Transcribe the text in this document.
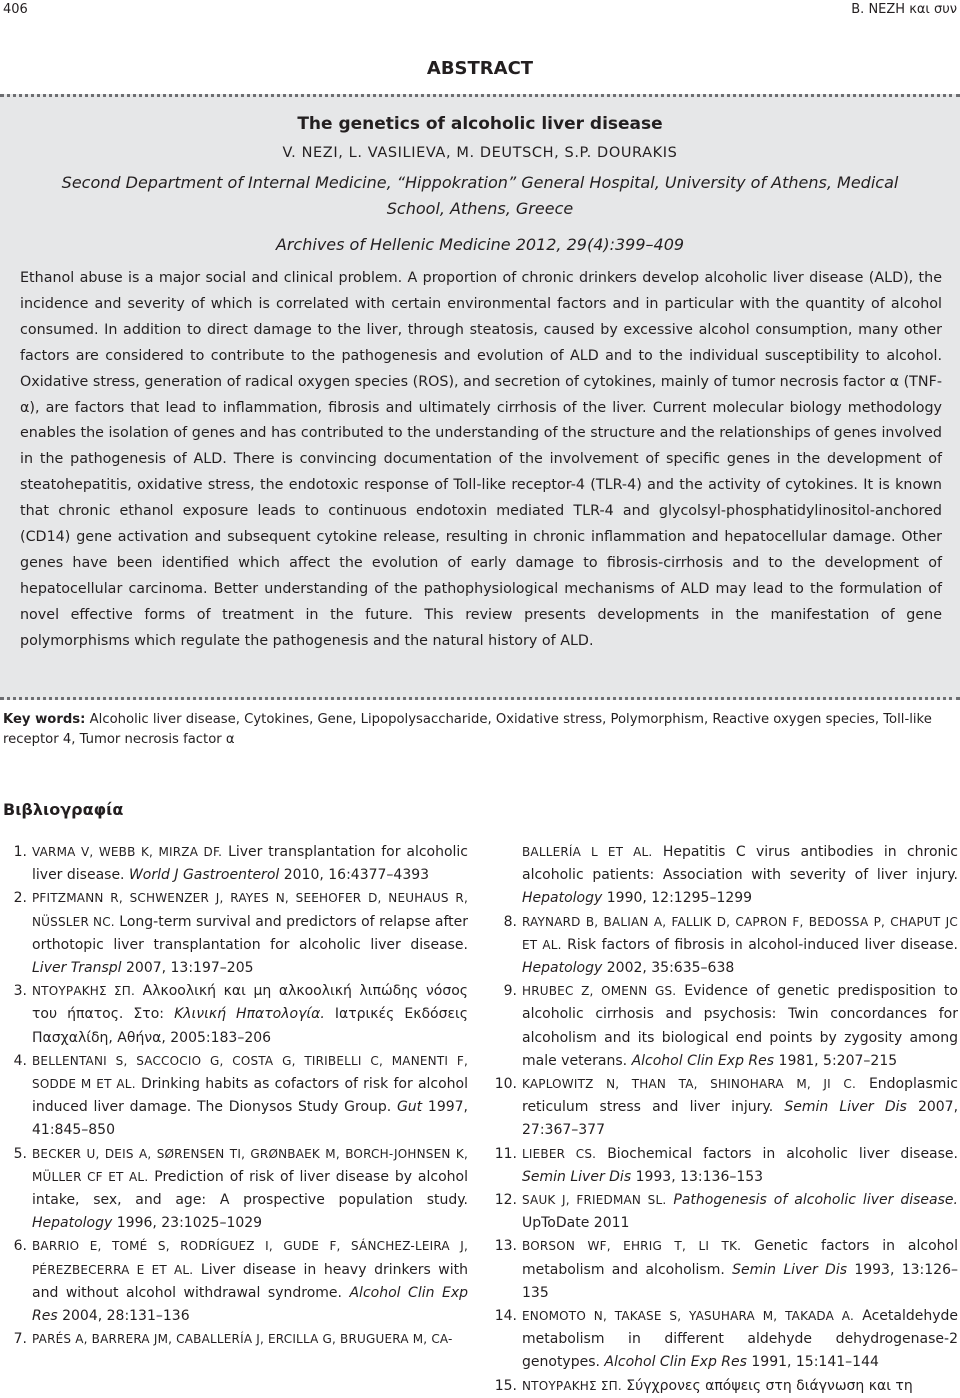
406	Β. ΝΕΖΗ και συν
ABSTRACT
The genetics of alcoholic liver disease
V. NEZI, L. VASILIEVA, M. DEUTSCH, S.P. DOURAKIS
Second Department of Internal Medicine, “Hippokration” General Hospital, University of Athens, Medical School, Athens, Greece
Archives of Hellenic Medicine 2012, 29(4):399–409
Ethanol abuse is a major social and clinical problem. A proportion of chronic drinkers develop alcoholic liver disease (ALD), the incidence and severity of which is correlated with certain environmental factors and in particular with the quantity of alcohol consumed. In addition to direct damage to the liver, through steatosis, caused by excessive alcohol consumption, many other factors are considered to contribute to the pathogenesis and evolution of ALD and to the individual susceptibility to alcohol. Oxidative stress, generation of radical oxygen species (ROS), and secretion of cytokines, mainly of tumor necrosis factor α (TNF-α), are factors that lead to inflammation, fibrosis and ultimately cirrhosis of the liver. Current molecular biology methodology enables the isolation of genes and has contributed to the understanding of the structure and the relationships of genes involved in the pathogenesis of ALD. There is convincing documentation of the involvement of specific genes in the development of steatohepatitis, oxidative stress, the endotoxic response of Toll-like receptor-4 (TLR-4) and the activity of cytokines. It is known that chronic ethanol exposure leads to continuous endotoxin mediated TLR-4 and glycolsyl-phosphatidylinositol-anchored (CD14) gene activation and subsequent cytokine release, resulting in chronic inflammation and hepatocellular damage. Other genes have been identified which affect the evolution of early damage to fibrosis-cirrhosis and to the development of hepatocellular carcinoma. Better understanding of the pathophysiological mechanisms of ALD may lead to the formulation of novel effective forms of treatment in the future. This review presents developments in the manifestation of gene polymorphisms which regulate the pathogenesis and the natural history of ALD.
Key words: Alcoholic liver disease, Cytokines, Gene, Lipopolysaccharide, Oxidative stress, Polymorphism, Reactive oxygen species, Toll-like receptor 4, Tumor necrosis factor α
Βιβλιογραφία
1. VARMA V, WEBB K, MIRZA DF. Liver transplantation for alcoholic liver disease. World J Gastroenterol 2010, 16:4377–4393
2. PFITZMANN R, SCHWENZER J, RAYES N, SEEHOFER D, NEUHAUS R, NÜSSLER NC. Long-term survival and predictors of relapse after orthotopic liver transplantation for alcoholic liver disease. Liver Transpl 2007, 13:197–205
3. ΝΤΟΥΡΑΚΗΣ ΣΠ. Αλκοολική και μη αλκοολική λιπώδης νόσος του ήπατος. Στο: Κλινική Ηπατολογία. Ιατρικές Εκδόσεις Πασχαλίδη, Αθήνα, 2005:183–206
4. BELLENTANI S, SACCOCIO G, COSTA G, TIRIBELLI C, MANENTI F, SODDE M ET AL. Drinking habits as cofactors of risk for alcohol induced liver damage. The Dionysos Study Group. Gut 1997, 41:845–850
5. BECKER U, DEIS A, SØRENSEN TI, GRØNBAEK M, BORCH-JOHNSEN K, MÜLLER CF ET AL. Prediction of risk of liver disease by alcohol intake, sex, and age: A prospective population study. Hepatology 1996, 23:1025–1029
6. BARRIO E, TOMÉ S, RODRÍGUEZ I, GUDE F, SÁNCHEZ-LEIRA J, PÉREZBECERRA E ET AL. Liver disease in heavy drinkers with and without alcohol withdrawal syndrome. Alcohol Clin Exp Res 2004, 28:131–136
7. PARÉS A, BARRERA JM, CABALLERÍA J, ERCILLA G, BRUGUERA M, CA-
BALLERÍA L ET AL. Hepatitis C virus antibodies in chronic alcoholic patients: Association with severity of liver injury. Hepatology 1990, 12:1295–1299
8. RAYNARD B, BALIAN A, FALLIK D, CAPRON F, BEDOSSA P, CHAPUT JC ET AL. Risk factors of fibrosis in alcohol-induced liver disease. Hepatology 2002, 35:635–638
9. HRUBEC Z, OMENN GS. Evidence of genetic predisposition to alcoholic cirrhosis and psychosis: Twin concordances for alcoholism and its biological end points by zygosity among male veterans. Alcohol Clin Exp Res 1981, 5:207–215
10. KAPLOWITZ N, THAN TA, SHINOHARA M, JI C. Endoplasmic reticulum stress and liver injury. Semin Liver Dis 2007, 27:367–377
11. LIEBER CS. Biochemical factors in alcoholic liver disease. Semin Liver Dis 1993, 13:136–153
12. SAUK J, FRIEDMAN SL. Pathogenesis of alcoholic liver disease. UpToDate 2011
13. BORSON WF, EHRIG T, LI TK. Genetic factors in alcohol metabolism and alcoholism. Semin Liver Dis 1993, 13:126–135
14. ENOMOTO N, TAKASE S, YASUHARA M, TAKADA A. Acetaldehyde metabolism in different aldehyde dehydrogenase-2 genotypes. Alcohol Clin Exp Res 1991, 15:141–144
15. ΝΤΟΥΡΑΚΗΣ ΣΠ. Σύγχρονες απόψεις στη διάγνωση και τη
